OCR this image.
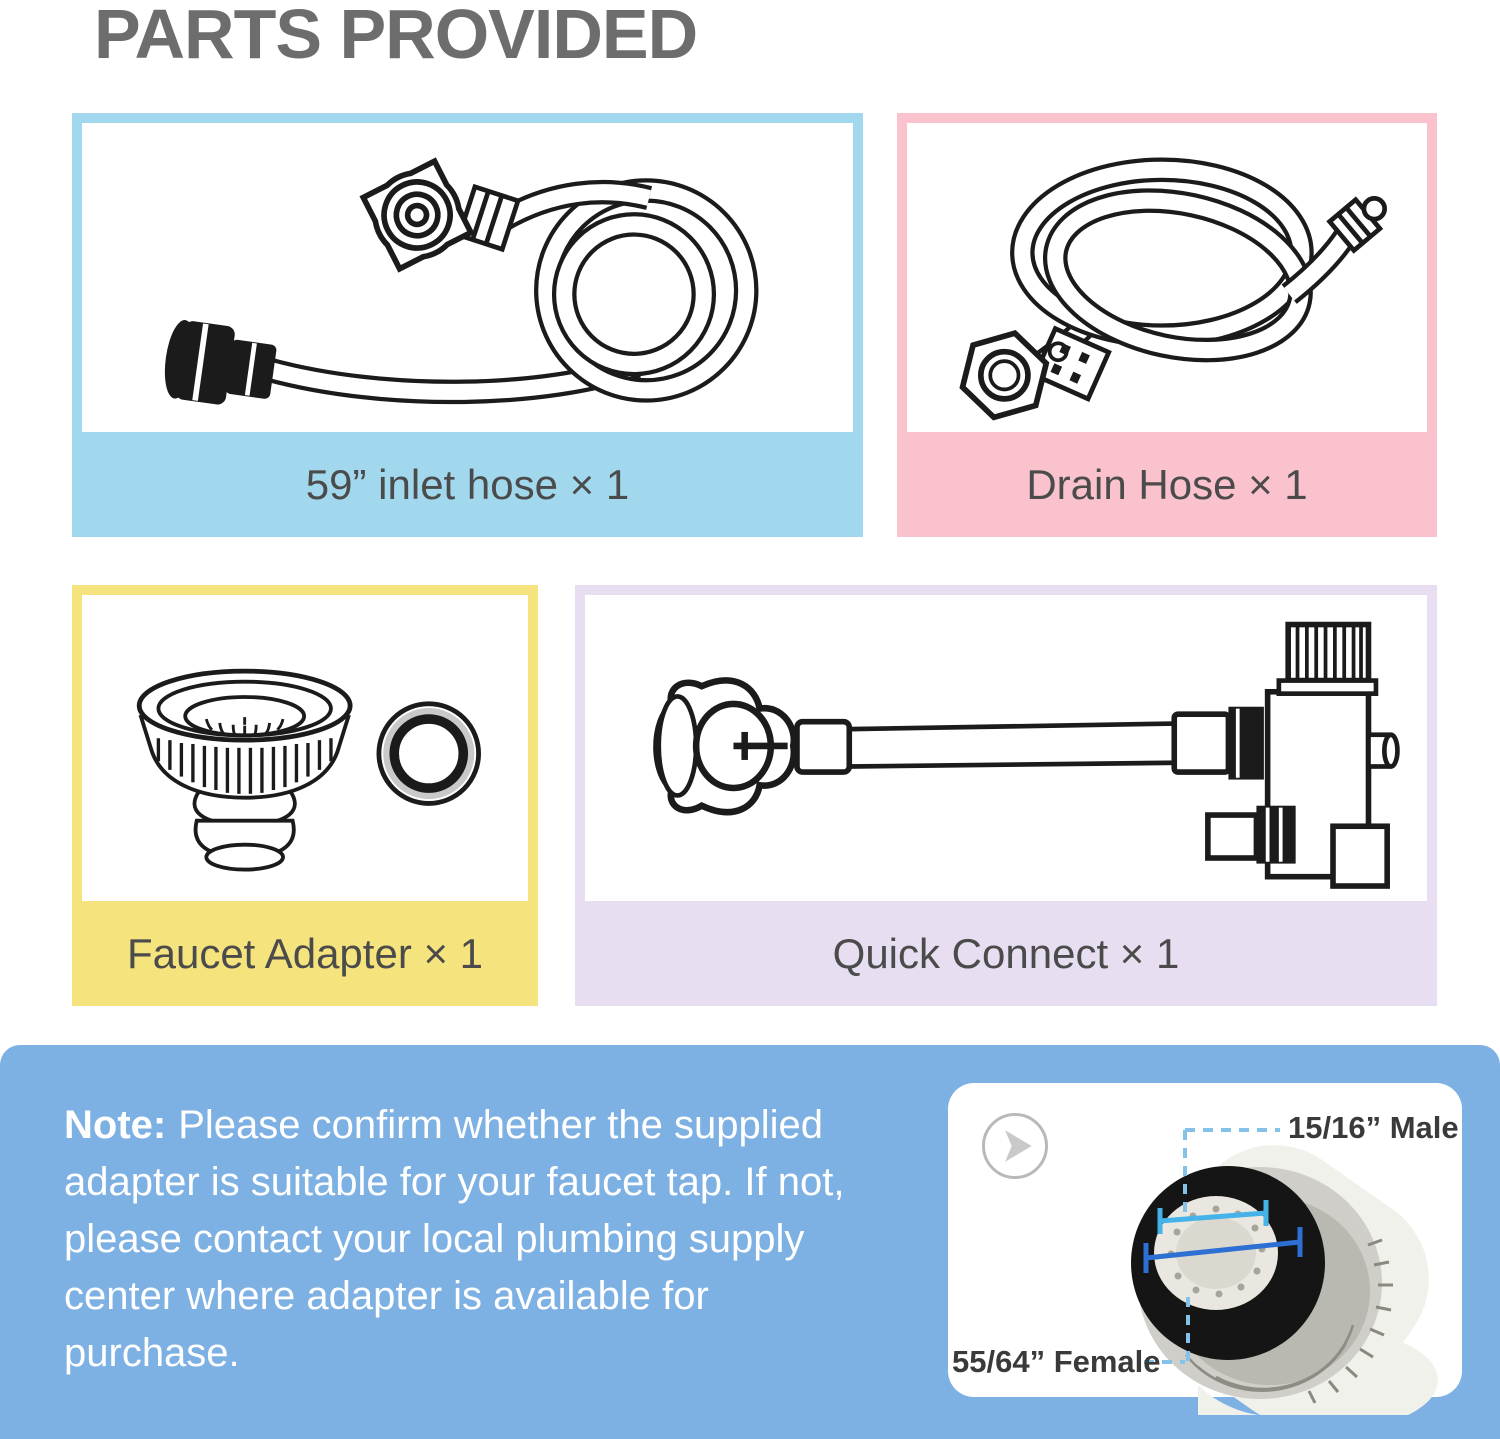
PARTS PROVIDED
59” inlet hose × 1	Drain Hose × 1
Faucet Adapter × 1	Quick Connect × 1

Note: Please confirm whether the supplied adapter is suitable for your faucet tap. If not, please contact your local plumbing supply center where adapter is available for purchase.

15/16” Male
55/64” Female
